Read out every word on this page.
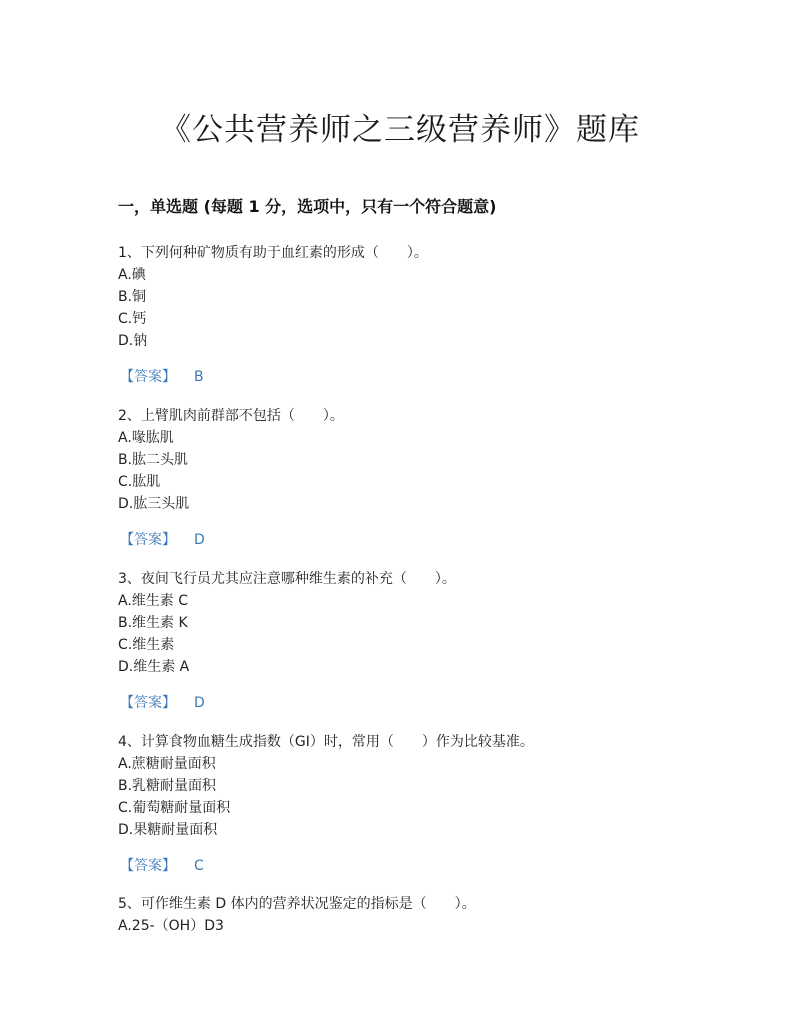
《公共营养师之三级营养师》题库
一，单选题 (每题 1 分，选项中，只有一个符合题意)
1、下列何种矿物质有助于血红素的形成（　　）。
A.碘
B.铜
C.钙
D.钠
【答案】 B
2、上臂肌肉前群部不包括（　　）。
A.喙肱肌
B.肱二头肌
C.肱肌
D.肱三头肌
【答案】 D
3、夜间飞行员尤其应注意哪种维生素的补充（　　）。
A.维生素 C
B.维生素 K
C.维生素
D.维生素 A
【答案】 D
4、计算食物血糖生成指数（GI）时，常用（　　）作为比较基准。
A.蔗糖耐量面积
B.乳糖耐量面积
C.葡萄糖耐量面积
D.果糖耐量面积
【答案】 C
5、可作维生素 D 体内的营养状况鉴定的指标是（　　）。
A.25-（OH）D3
